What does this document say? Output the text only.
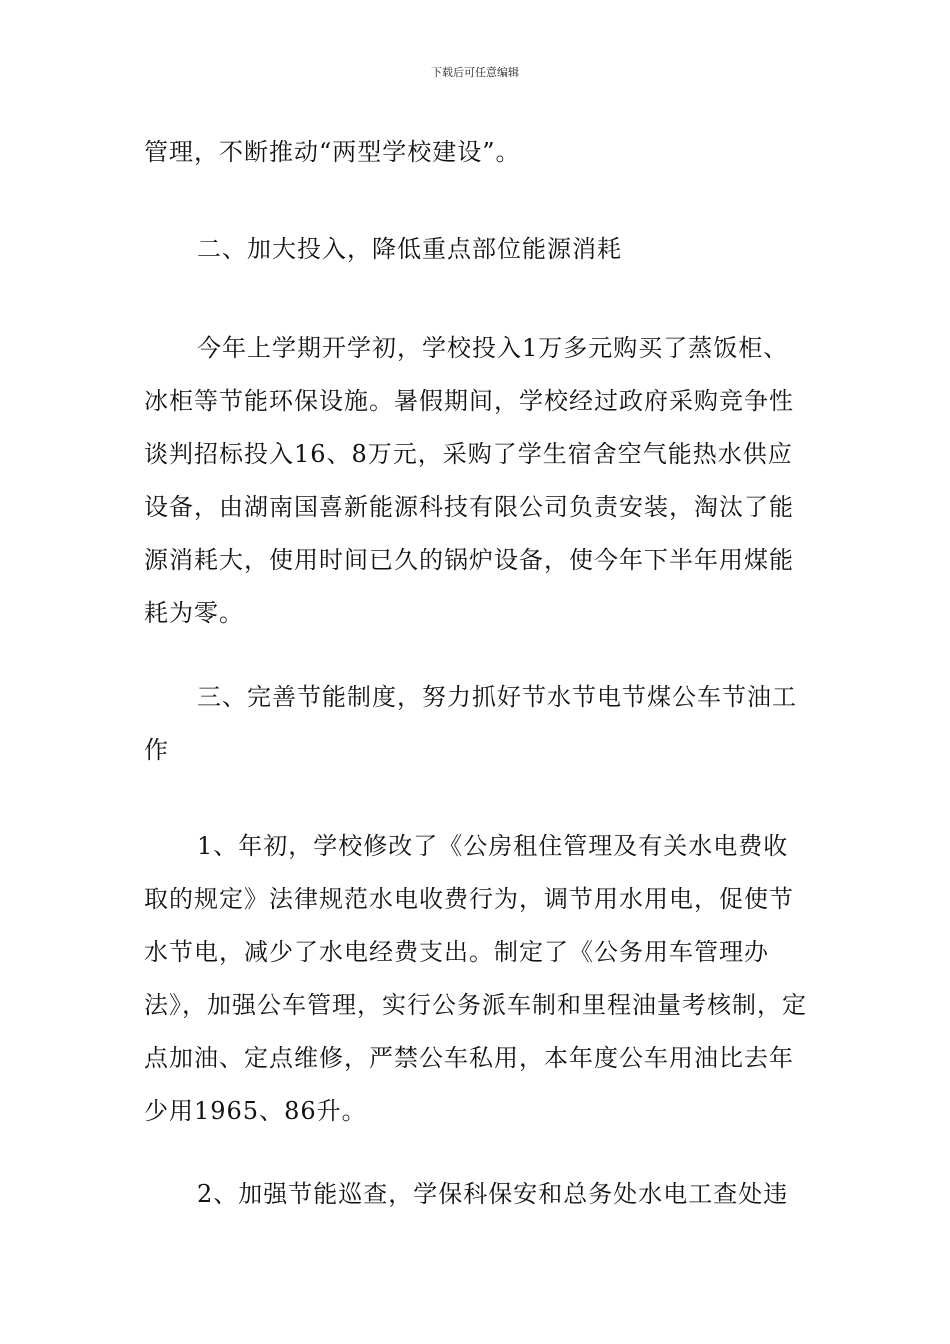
下载后可任意编辑

管理，不断推动“两型学校建设”。

二、加大投入，降低重点部位能源消耗

今年上学期开学初，学校投入1万多元购买了蒸饭柜、冰柜等节能环保设施。暑假期间，学校经过政府采购竞争性谈判招标投入16、8万元，采购了学生宿舍空气能热水供应设备，由湖南国喜新能源科技有限公司负责安装，淘汰了能源消耗大，使用时间已久的锅炉设备，使今年下半年用煤能耗为零。

三、完善节能制度，努力抓好节水节电节煤公车节油工作

1、年初，学校修改了《公房租住管理及有关水电费收取的规定》法律规范水电收费行为，调节用水用电，促使节水节电，减少了水电经费支出。制定了《公务用车管理办法》，加强公车管理，实行公务派车制和里程油量考核制，定点加油、定点维修，严禁公车私用，本年度公车用油比去年少用1965、86升。

2、加强节能巡查，学保科保安和总务处水电工查处违
